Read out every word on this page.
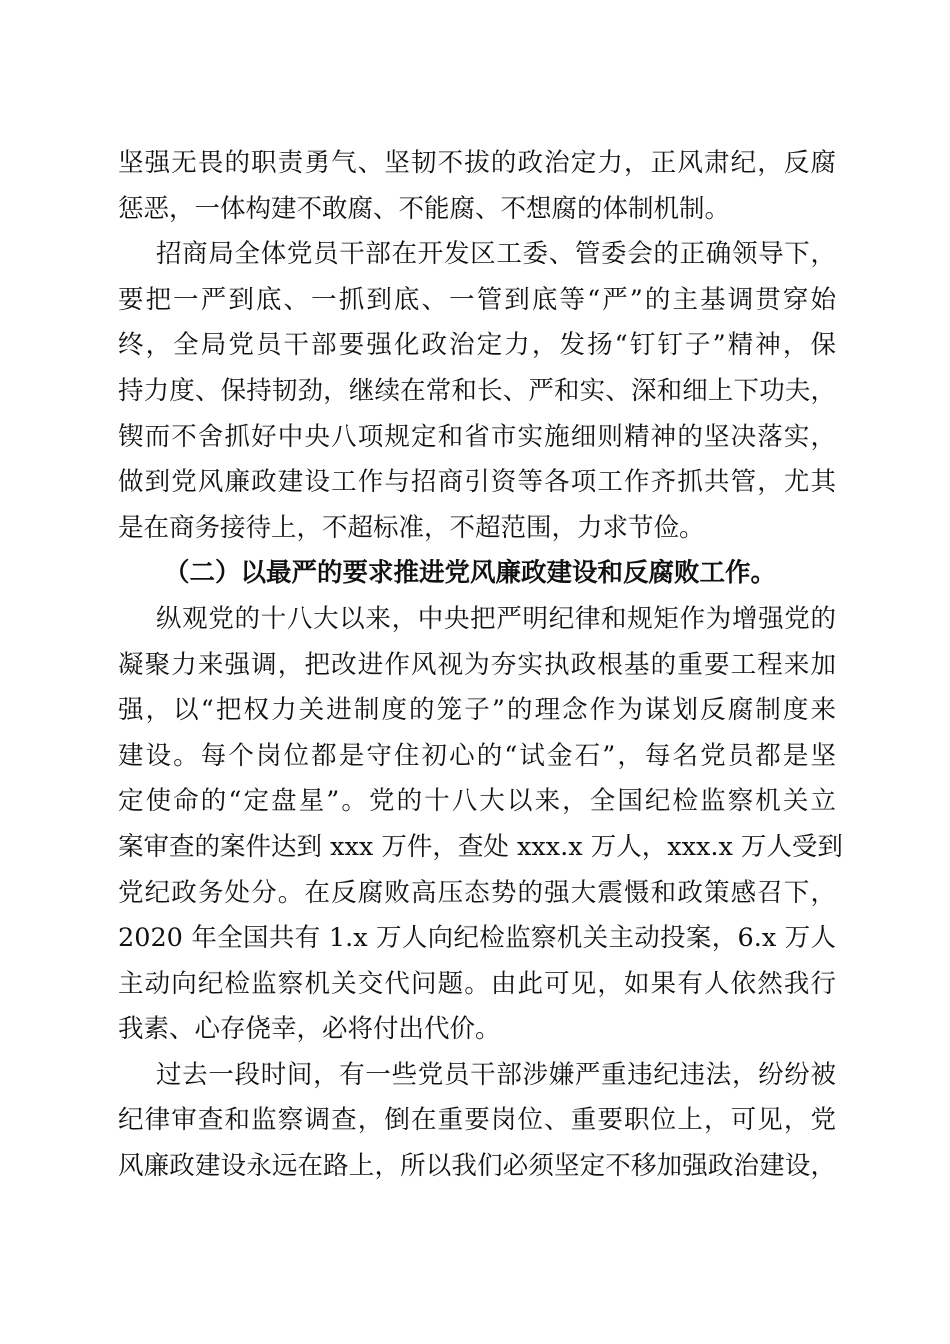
坚强无畏的职责勇气、坚韧不拔的政治定力，正风肃纪，反腐
惩恶，一体构建不敢腐、不能腐、不想腐的体制机制。
招商局全体党员干部在开发区工委、管委会的正确领导下，
要把一严到底、一抓到底、一管到底等“严”的主基调贯穿始
终，全局党员干部要强化政治定力，发扬“钉钉子”精神，保
持力度、保持韧劲，继续在常和长、严和实、深和细上下功夫，
锲而不舍抓好中央八项规定和省市实施细则精神的坚决落实，
做到党风廉政建设工作与招商引资等各项工作齐抓共管，尤其
是在商务接待上，不超标准，不超范围，力求节俭。
（二）以最严的要求推进党风廉政建设和反腐败工作。
纵观党的十八大以来，中央把严明纪律和规矩作为增强党的
凝聚力来强调，把改进作风视为夯实执政根基的重要工程来加
强，以“把权力关进制度的笼子”的理念作为谋划反腐制度来
建设。每个岗位都是守住初心的“试金石”，每名党员都是坚
定使命的“定盘星”。党的十八大以来，全国纪检监察机关立
案审查的案件达到 xxx 万件，查处 xxx.x 万人，xxx.x 万人受到
党纪政务处分。在反腐败高压态势的强大震慑和政策感召下，
2020 年全国共有 1.x 万人向纪检监察机关主动投案，6.x 万人
主动向纪检监察机关交代问题。由此可见，如果有人依然我行
我素、心存侥幸，必将付出代价。
过去一段时间，有一些党员干部涉嫌严重违纪违法，纷纷被
纪律审查和监察调查，倒在重要岗位、重要职位上，可见，党
风廉政建设永远在路上，所以我们必须坚定不移加强政治建设，
